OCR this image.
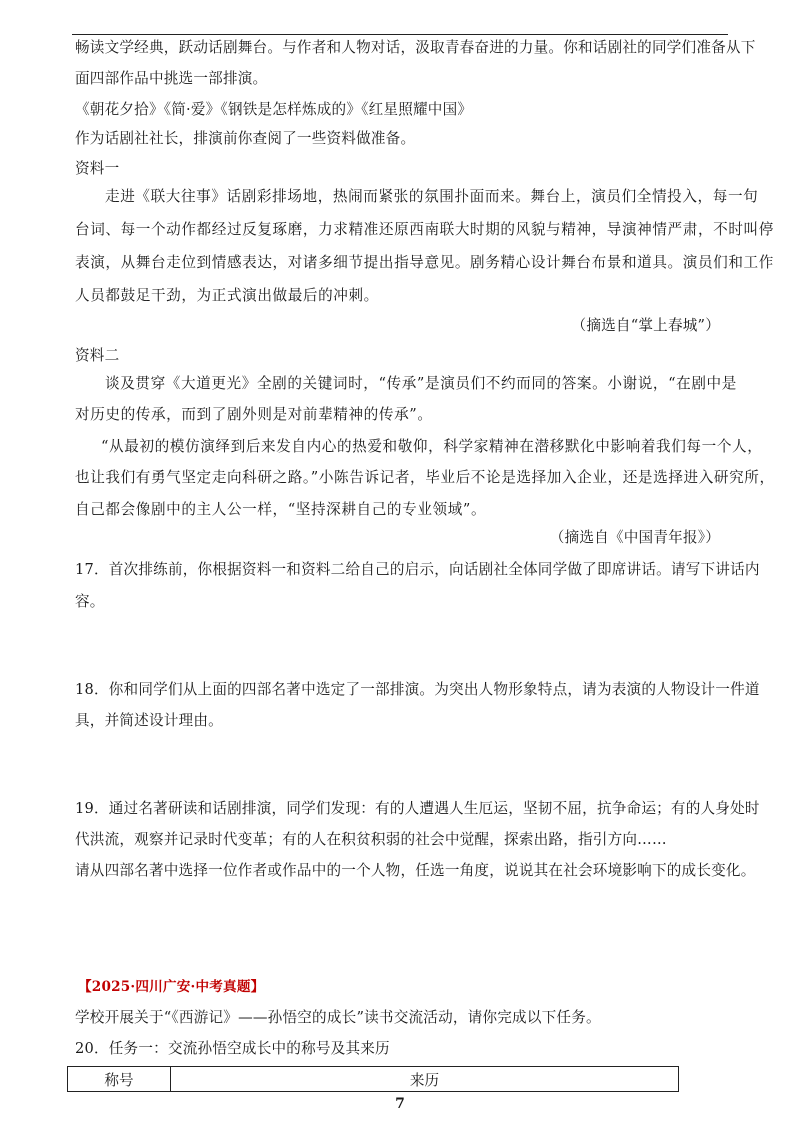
畅读文学经典，跃动话剧舞台。与作者和人物对话，汲取青春奋进的力量。你和话剧社的同学们准备从下
面四部作品中挑选一部排演。
《朝花夕拾》《简·爱》《钢铁是怎样炼成的》《红星照耀中国》
作为话剧社社长，排演前你查阅了一些资料做准备。
资料一
走进《联大往事》话剧彩排场地，热闹而紧张的氛围扑面而来。舞台上，演员们全情投入，每一句
台词、每一个动作都经过反复琢磨，力求精准还原西南联大时期的风貌与精神，导演神情严肃，不时叫停
表演，从舞台走位到情感表达，对诸多细节提出指导意见。剧务精心设计舞台布景和道具。演员们和工作
人员都鼓足干劲，为正式演出做最后的冲刺。
（摘选自“掌上春城”）
资料二
谈及贯穿《大道更光》全剧的关键词时，“传承”是演员们不约而同的答案。小谢说，“在剧中是
对历史的传承，而到了剧外则是对前辈精神的传承”。
“从最初的模仿演绎到后来发自内心的热爱和敬仰，科学家精神在潜移默化中影响着我们每一个人，
也让我们有勇气坚定走向科研之路。”小陈告诉记者，毕业后不论是选择加入企业，还是选择进入研究所，
自己都会像剧中的主人公一样，“坚持深耕自己的专业领域”。
（摘选自《中国青年报》）
17．首次排练前，你根据资料一和资料二给自己的启示，向话剧社全体同学做了即席讲话。请写下讲话内
容。
18．你和同学们从上面的四部名著中选定了一部排演。为突出人物形象特点，请为表演的人物设计一件道
具，并简述设计理由。
19．通过名著研读和话剧排演，同学们发现：有的人遭遇人生厄运，坚韧不屈，抗争命运；有的人身处时
代洪流，观察并记录时代变革；有的人在积贫积弱的社会中觉醒，探索出路，指引方向……
请从四部名著中选择一位作者或作品中的一个人物，任选一角度，说说其在社会环境影响下的成长变化。
【2025·四川广安·中考真题】
学校开展关于“《西游记》——孙悟空的成长”读书交流活动，请你完成以下任务。
20．任务一：交流孙悟空成长中的称号及其来历
称号	来历
7
